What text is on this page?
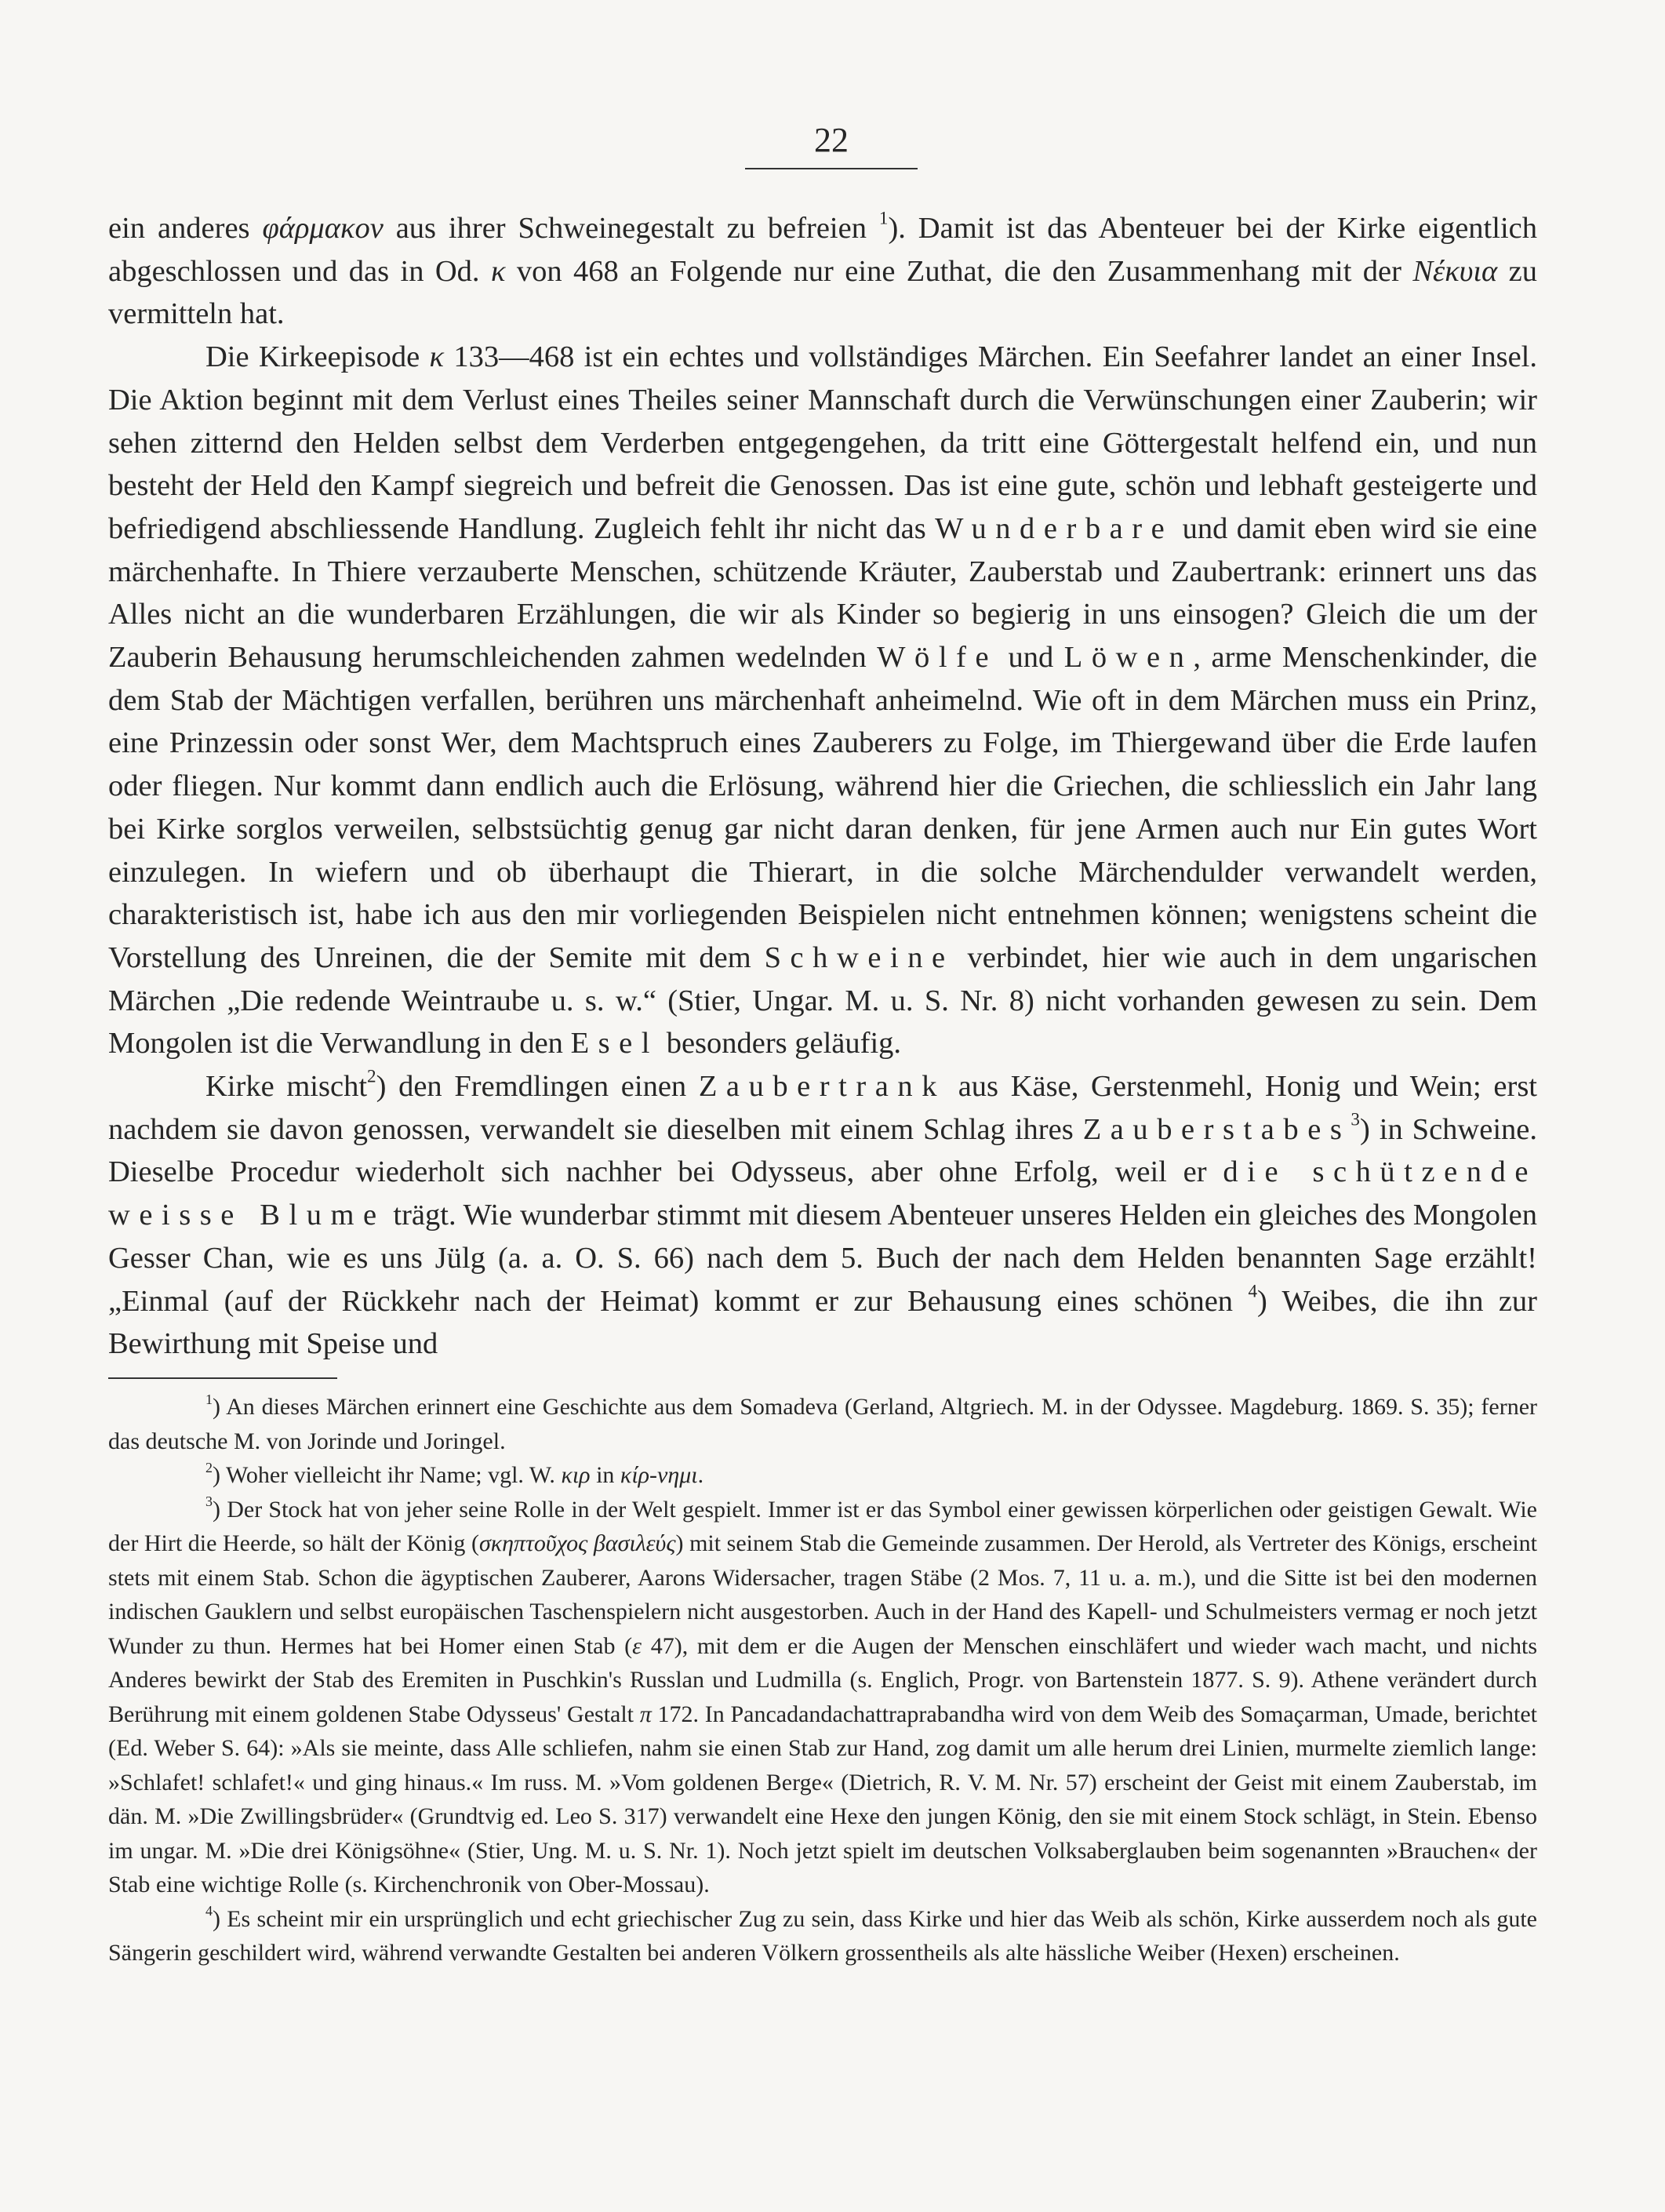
22

ein anderes φάρμακον aus ihrer Schweinegestalt zu befreien $^1$). Damit ist das Abenteuer bei der Kirke eigentlich abgeschlossen und das in Od. κ von 468 an Folgende nur eine Zuthat, die den Zusammenhang mit der Νέκυια zu vermitteln hat.

Die Kirkeepisode κ 133—468 ist ein echtes und vollständiges Märchen. Ein Seefahrer landet an einer Insel. Die Aktion beginnt mit dem Verlust eines Theiles seiner Mannschaft durch die Verwünschungen einer Zauberin; wir sehen zitternd den Helden selbst dem Verderben entgegengehen, da tritt eine Göttergestalt helfend ein, und nun besteht der Held den Kampf siegreich und befreit die Genossen. Das ist eine gute, schön und lebhaft gesteigerte und befriedigend abschliessende Handlung. Zugleich fehlt ihr nicht das Wunderbare und damit eben wird sie eine märchenhafte. In Thiere verzauberte Menschen, schützende Kräuter, Zauberstab und Zaubertrank: erinnert uns das Alles nicht an die wunderbaren Erzählungen, die wir als Kinder so begierig in uns einsogen? Gleich die um der Zauberin Behausung herumschleichenden zahmen wedelnden Wölfe und Löwen, arme Menschenkinder, die dem Stab der Mächtigen verfallen, berühren uns märchenhaft anheimelnd. Wie oft in dem Märchen muss ein Prinz, eine Prinzessin oder sonst Wer, dem Machtspruch eines Zauberers zu Folge, im Thiergewand über die Erde laufen oder fliegen. Nur kommt dann endlich auch die Erlösung, während hier die Griechen, die schliesslich ein Jahr lang bei Kirke sorglos verweilen, selbstsüchtig genug gar nicht daran denken, für jene Armen auch nur Ein gutes Wort einzulegen. In wiefern und ob überhaupt die Thierart, in die solche Märchendulder verwandelt werden, charakteristisch ist, habe ich aus den mir vorliegenden Beispielen nicht entnehmen können; wenigstens scheint die Vorstellung des Unreinen, die der Semite mit dem Schweine verbindet, hier wie auch in dem ungarischen Märchen „Die redende Weintraube u. s. w.“ (Stier, Ungar. M. u. S. Nr. 8) nicht vorhanden gewesen zu sein. Dem Mongolen ist die Verwandlung in den Esel besonders geläufig.

Kirke mischt$^2$) den Fremdlingen einen Zaubertrank aus Käse, Gerstenmehl, Honig und Wein; erst nachdem sie davon genossen, verwandelt sie dieselben mit einem Schlag ihres Zauberstabes$^3$) in Schweine. Dieselbe Procedur wiederholt sich nachher bei Odysseus, aber ohne Erfolg, weil er die schützende weisse Blume trägt. Wie wunderbar stimmt mit diesem Abenteuer unseres Helden ein gleiches des Mongolen Gesser Chan, wie es uns Jülg (a. a. O. S. 66) nach dem 5. Buch der nach dem Helden benannten Sage erzählt! „Einmal (auf der Rückkehr nach der Heimat) kommt er zur Behausung eines schönen $^4$) Weibes, die ihn zur Bewirthung mit Speise und

$^1$) An dieses Märchen erinnert eine Geschichte aus dem Somadeva (Gerland, Altgriech. M. in der Odyssee. Magdeburg. 1869. S. 35); ferner das deutsche M. von Jorinde und Joringel.

$^2$) Woher vielleicht ihr Name; vgl. W. κιρ in κίρ-νημι.

$^3$) Der Stock hat von jeher seine Rolle in der Welt gespielt. Immer ist er das Symbol einer gewissen körperlichen oder geistigen Gewalt. Wie der Hirt die Heerde, so hält der König (σκηπτοῦχος βασιλεύς) mit seinem Stab die Gemeinde zusammen. Der Herold, als Vertreter des Königs, erscheint stets mit einem Stab. Schon die ägyptischen Zauberer, Aarons Widersacher, tragen Stäbe (2 Mos. 7, 11 u. a. m.), und die Sitte ist bei den modernen indischen Gauklern und selbst europäischen Taschenspielern nicht ausgestorben. Auch in der Hand des Kapell- und Schulmeisters vermag er noch jetzt Wunder zu thun. Hermes hat bei Homer einen Stab (ε 47), mit dem er die Augen der Menschen einschläfert und wieder wach macht, und nichts Anderes bewirkt der Stab des Eremiten in Puschkin's Russlan und Ludmilla (s. Englich, Progr. von Bartenstein 1877. S. 9). Athene verändert durch Berührung mit einem goldenen Stabe Odysseus' Gestalt π 172. In Pancadandachattraprabandha wird von dem Weib des Somaçarman, Umade, berichtet (Ed. Weber S. 64): »Als sie meinte, dass Alle schliefen, nahm sie einen Stab zur Hand, zog damit um alle herum drei Linien, murmelte ziemlich lange: »Schlafet! schlafet!« und ging hinaus.« Im russ. M. »Vom goldenen Berge« (Dietrich, R. V. M. Nr. 57) erscheint der Geist mit einem Zauberstab, im dän. M. »Die Zwillingsbrüder« (Grundtvig ed. Leo S. 317) verwandelt eine Hexe den jungen König, den sie mit einem Stock schlägt, in Stein. Ebenso im ungar. M. »Die drei Königsöhne« (Stier, Ung. M. u. S. Nr. 1). Noch jetzt spielt im deutschen Volksaberglauben beim sogenannten »Brauchen« der Stab eine wichtige Rolle (s. Kirchenchronik von Ober-Mossau).

$^4$) Es scheint mir ein ursprünglich und echt griechischer Zug zu sein, dass Kirke und hier das Weib als schön, Kirke ausserdem noch als gute Sängerin geschildert wird, während verwandte Gestalten bei anderen Völkern grossentheils als alte hässliche Weiber (Hexen) erscheinen.
